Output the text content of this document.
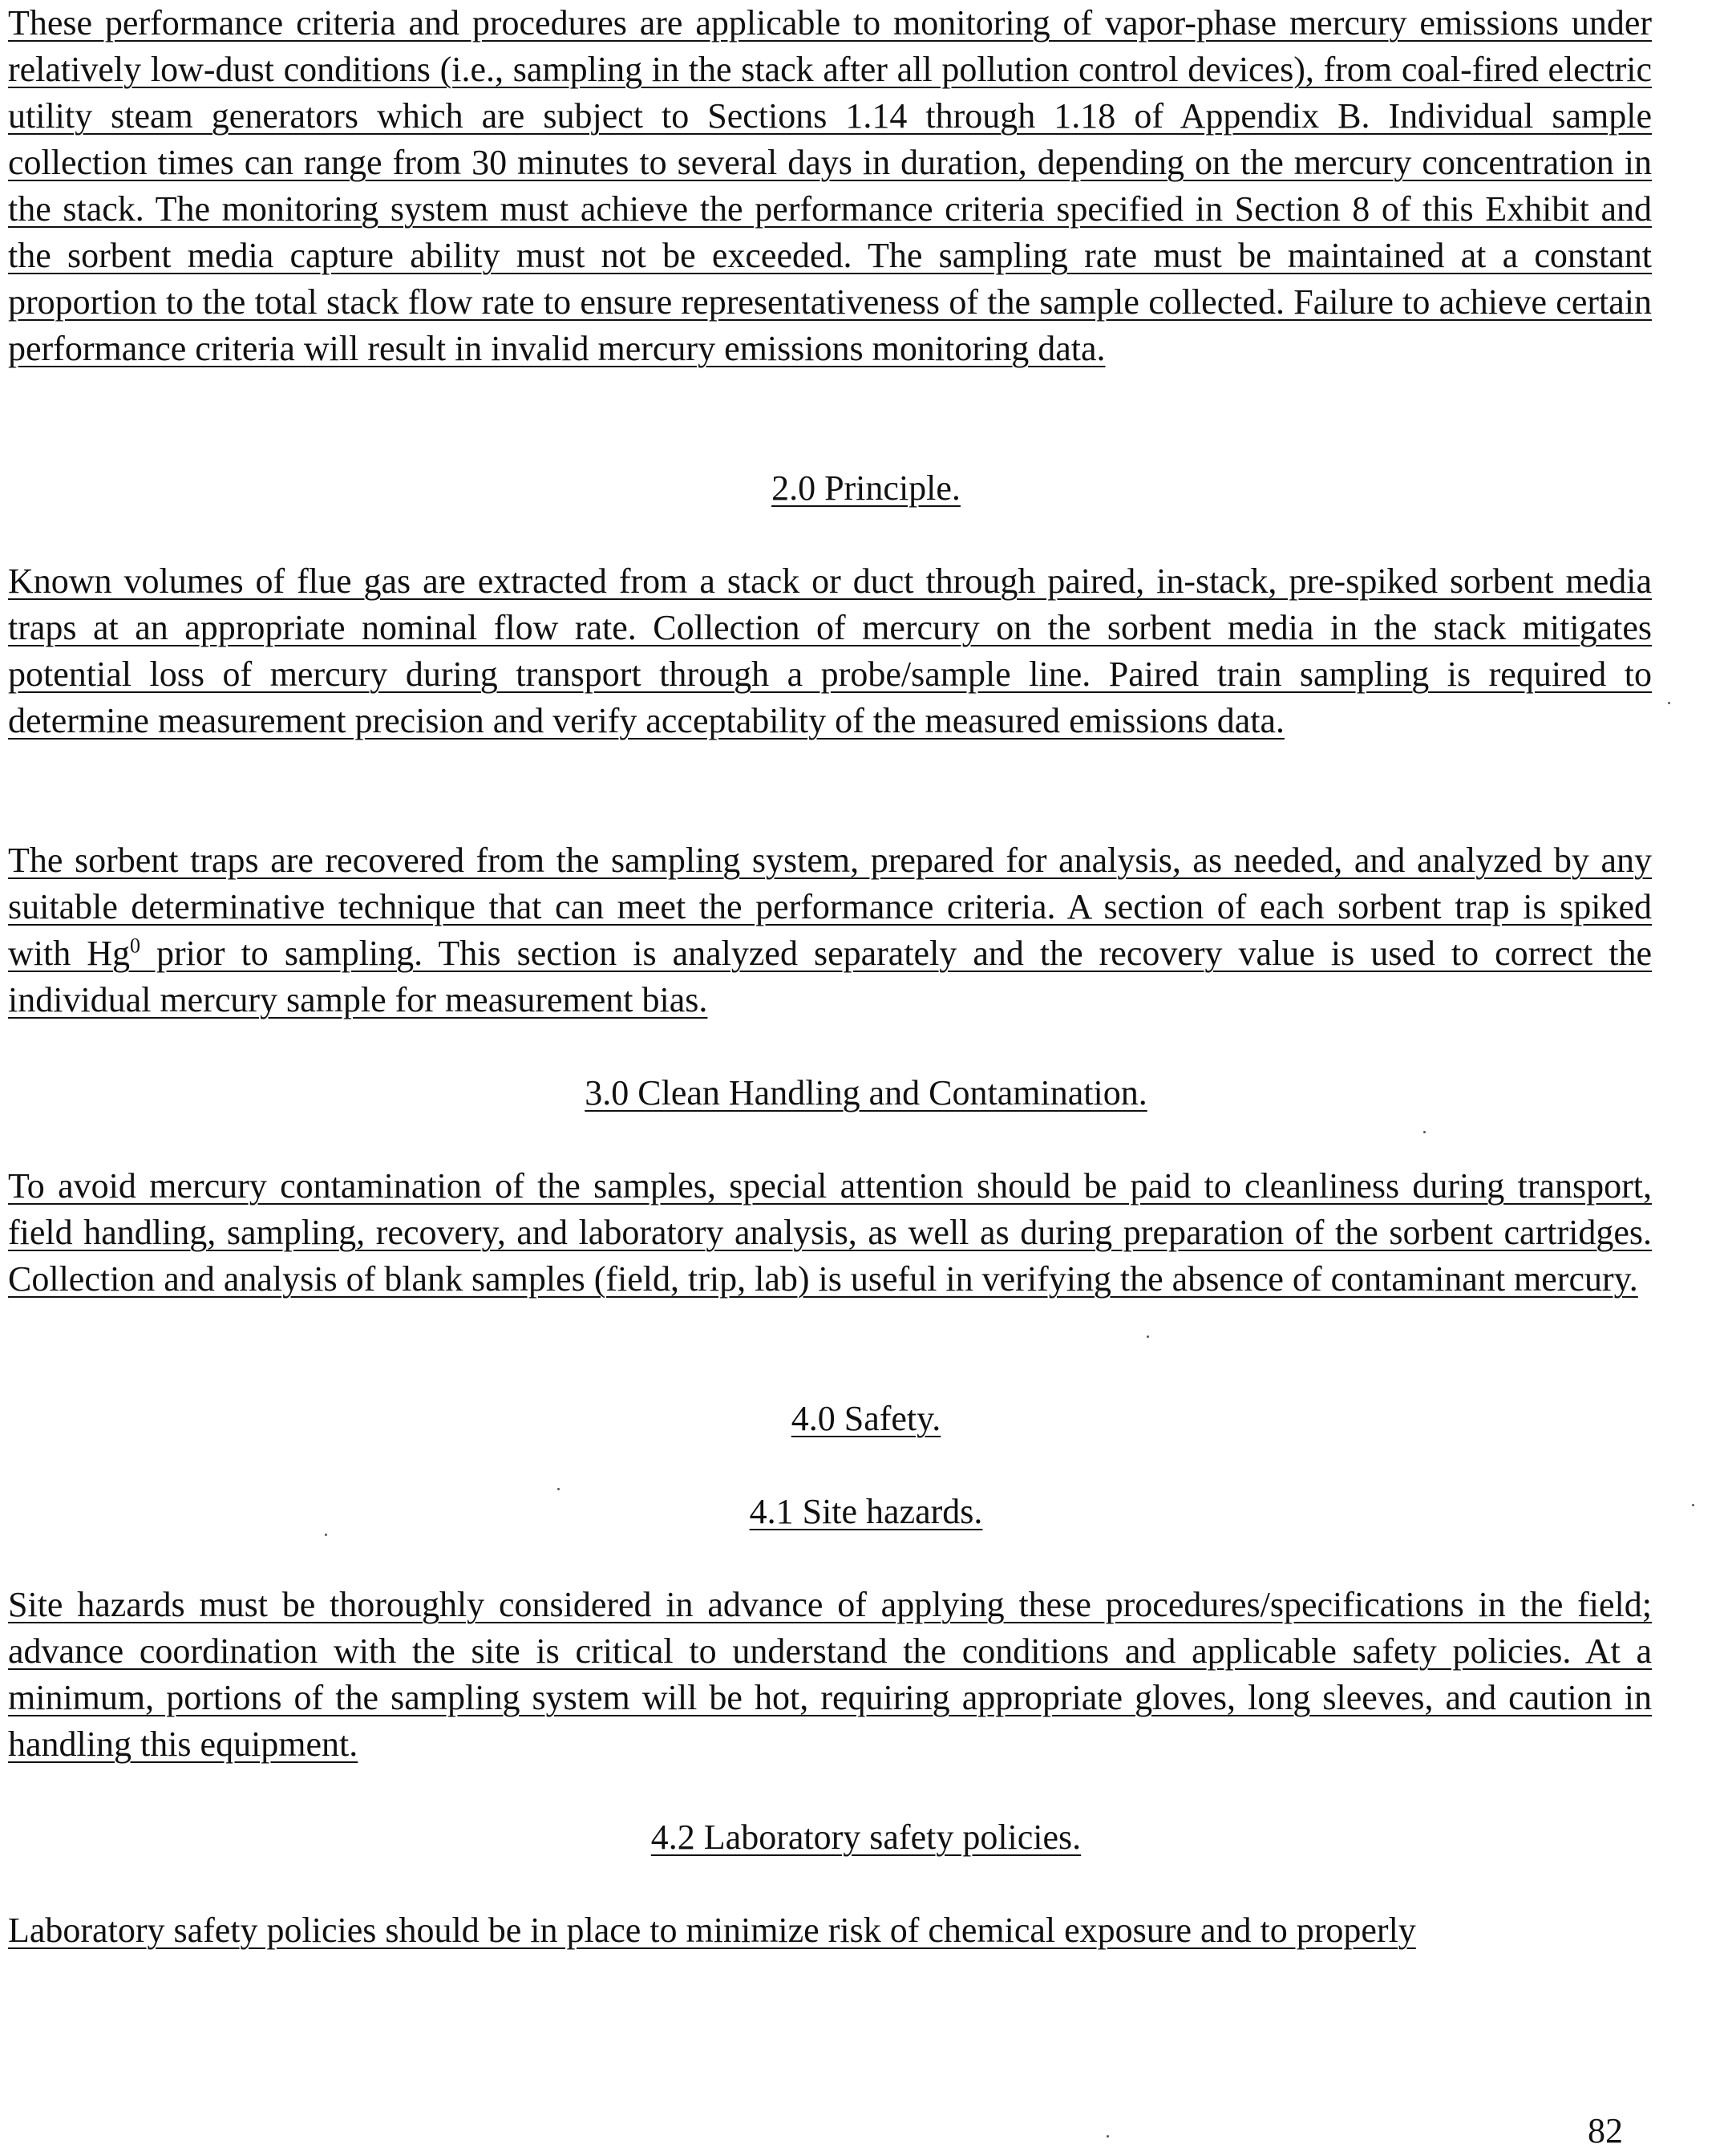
These performance criteria and procedures are applicable to monitoring of vapor-phase mercury emissions under relatively low-dust conditions (i.e., sampling in the stack after all pollution control devices), from coal-fired electric utility steam generators which are subject to Sections 1.14 through 1.18 of Appendix B. Individual sample collection times can range from 30 minutes to several days in duration, depending on the mercury concentration in the stack. The monitoring system must achieve the performance criteria specified in Section 8 of this Exhibit and the sorbent media capture ability must not be exceeded. The sampling rate must be maintained at a constant proportion to the total stack flow rate to ensure representativeness of the sample collected. Failure to achieve certain performance criteria will result in invalid mercury emissions monitoring data.

2.0 Principle.

Known volumes of flue gas are extracted from a stack or duct through paired, in-stack, pre-spiked sorbent media traps at an appropriate nominal flow rate. Collection of mercury on the sorbent media in the stack mitigates potential loss of mercury during transport through a probe/sample line. Paired train sampling is required to determine measurement precision and verify acceptability of the measured emissions data.

The sorbent traps are recovered from the sampling system, prepared for analysis, as needed, and analyzed by any suitable determinative technique that can meet the performance criteria. A section of each sorbent trap is spiked with Hg$^0$ prior to sampling. This section is analyzed separately and the recovery value is used to correct the individual mercury sample for measurement bias.

3.0 Clean Handling and Contamination.

To avoid mercury contamination of the samples, special attention should be paid to cleanliness during transport, field handling, sampling, recovery, and laboratory analysis, as well as during preparation of the sorbent cartridges. Collection and analysis of blank samples (field, trip, lab) is useful in verifying the absence of contaminant mercury.

4.0 Safety.
4.1 Site hazards.

Site hazards must be thoroughly considered in advance of applying these procedures/specifications in the field; advance coordination with the site is critical to understand the conditions and applicable safety policies. At a minimum, portions of the sampling system will be hot, requiring appropriate gloves, long sleeves, and caution in handling this equipment.

4.2 Laboratory safety policies.

Laboratory safety policies should be in place to minimize risk of chemical exposure and to properly

82
